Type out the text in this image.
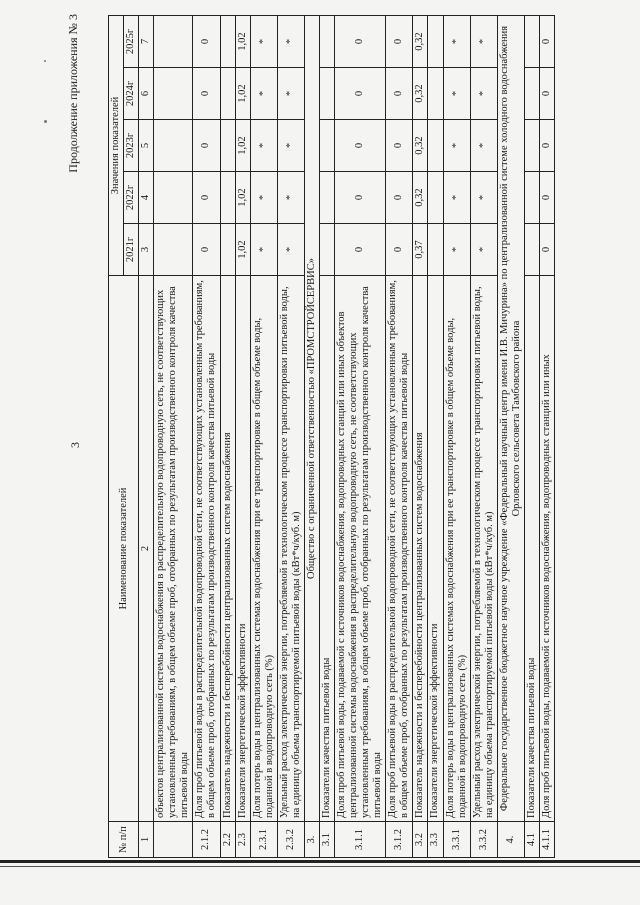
3
Продолжение приложения № 3
№ п/п	Наименование показателей	Значения показателей				
		2021г	2022г	2023г	2024г	2025г
1	2	3	4	5	6	7
	объектов централизованной системы водоснабжения в распределительную водопроводную сеть, не соответствующих установленным требованиям, в общем объеме проб, отобранных по результатам производственного контроля качества питьевой воды					
2.1.2	Доля проб питьевой воды в распределительной водопроводной сети, не соответствующих установленным требованиям, в общем объеме проб, отобранных по результатам производственного контроля качества питьевой воды	0	0	0	0	0
2.2	Показатель надежности и бесперебойности централизованных систем водоснабжения					
2.3	Показатели энергетической эффективности	1,02	1,02	1,02	1,02	1,02
2.3.1	Доля потерь воды в централизованных системах водоснабжения при ее транспортировке в общем объеме воды, поданной в водопроводную сеть (%)	*	*	*	*	*
2.3.2	Удельный расход электрической энергии, потребляемой в технологическом процессе транспортировки питьевой воды, на единицу объема транспортируемой питьевой воды (кВт*ч/куб. м)	*	*	*	*	*
3.	Общество с ограниченной ответственностью «ПРОМСТРОЙСЕРВИС»					
3.1	Показатели качества питьевой воды					
3.1.1	Доля проб питьевой воды, подаваемой с источников водоснабжения, водопроводных станций или иных объектов централизованной системы водоснабжения в распределительную водопроводную сеть, не соответствующих установленным требованиям, в общем объеме проб, отобранных по результатам производственного контроля качества питьевой воды	0	0	0	0	0
3.1.2	Доля проб питьевой воды в распределительной водопроводной сети, не соответствующих установленным требованиям, в общем объеме проб, отобранных по результатам производственного контроля качества питьевой воды	0	0	0	0	0
3.2	Показатель надежности и бесперебойности централизованных систем водоснабжения	0,37	0,32	0,32	0,32	0,32
3.3	Показатели энергетической эффективности					
3.3.1	Доля потерь воды в централизованных системах водоснабжения при ее транспортировке в общем объеме воды, поданной в водопроводную сеть (%)	*	*	*	*	*
3.3.2	Удельный расход электрической энергии, потребляемой в технологическом процессе транспортировки питьевой воды, на единицу объема транспортируемой питьевой воды (кВт*ч/куб. м)	*	*	*	*	*
4.	Федеральное государственное бюджетное научное учреждение «Федеральный научный центр имени И.В. Мичурина» по централизованной системе холодного водоснабжения Орловского сельсовета Тамбовского района					
4.1	Показатели качества питьевой воды					
4.1.1	Доля проб питьевой воды, подаваемой с источников водоснабжения, водопроводных станций или иных	0	0	0	0	0
